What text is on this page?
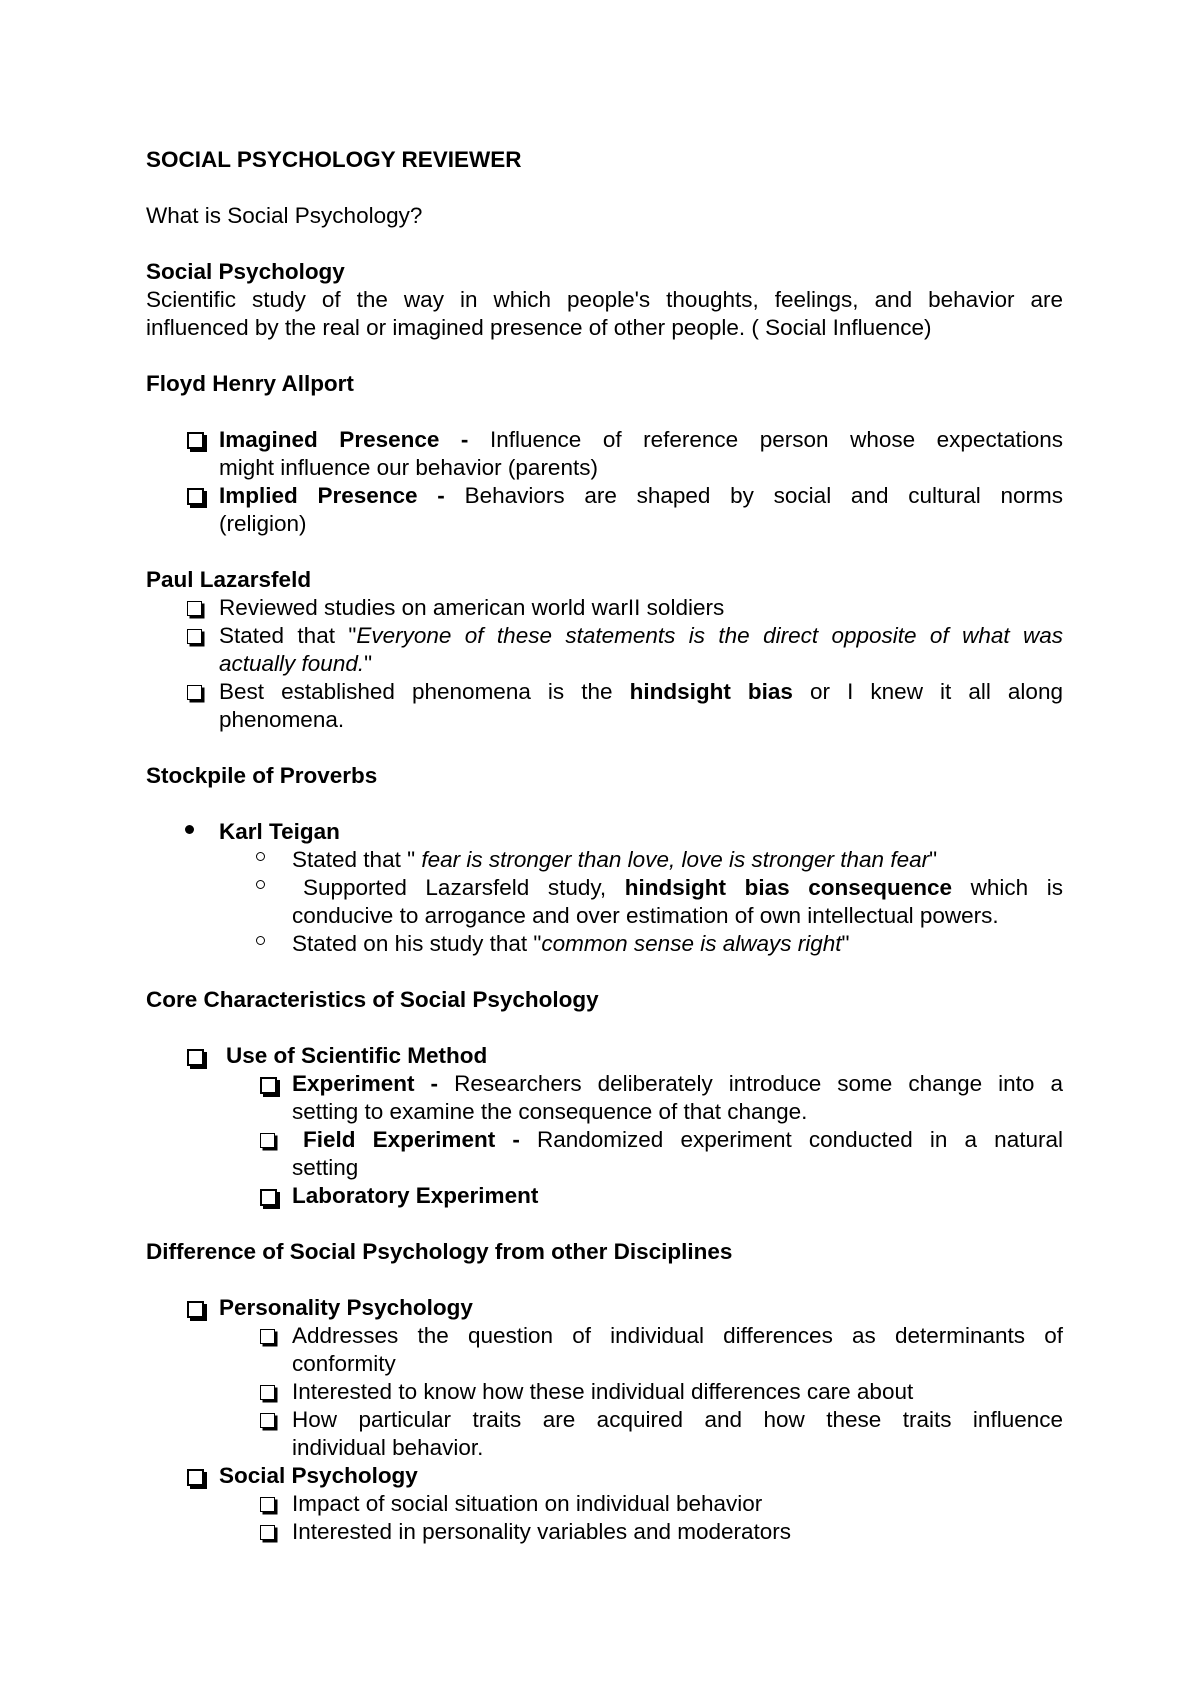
SOCIAL PSYCHOLOGY REVIEWER
What is Social Psychology?
Social Psychology
Scientific study of the way in which people's thoughts, feelings, and behavior are
influenced by the real or imagined presence of other people. ( Social Influence)
Floyd Henry Allport
Imagined Presence - Influence of reference person whose expectations
might influence our behavior (parents)
Implied Presence - Behaviors are shaped by social and cultural norms
(religion)
Paul Lazarsfeld
Reviewed studies on american world warII soldiers
Stated that "Everyone of these statements is the direct opposite of what was
actually found."
Best established phenomena is the hindsight bias or I knew it all along
phenomena.
Stockpile of Proverbs
Karl Teigan
Stated that " fear is stronger than love, love is stronger than fear"
Supported Lazarsfeld study, hindsight bias consequence which is
conducive to arrogance and over estimation of own intellectual powers.
Stated on his study that "common sense is always right"
Core Characteristics of Social Psychology
Use of Scientific Method
Experiment - Researchers deliberately introduce some change into a
setting to examine the consequence of that change.
Field Experiment - Randomized experiment conducted in a natural
setting
Laboratory Experiment
Difference of Social Psychology from other Disciplines
Personality Psychology
Addresses the question of individual differences as determinants of
conformity
Interested to know how these individual differences care about
How particular traits are acquired and how these traits influence
individual behavior.
Social Psychology
Impact of social situation on individual behavior
Interested in personality variables and moderators
